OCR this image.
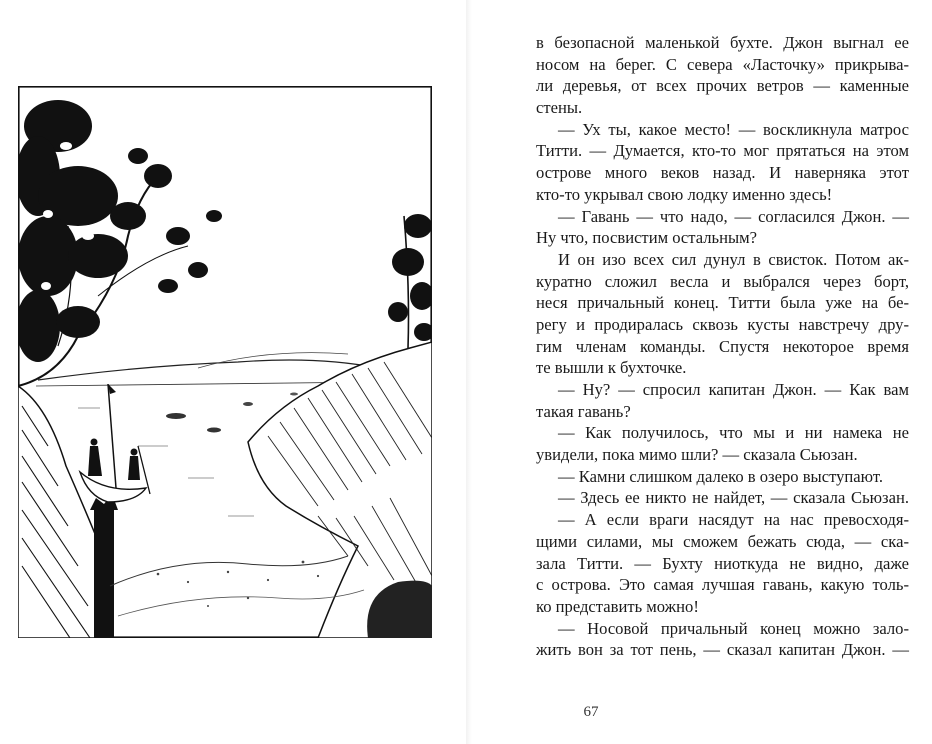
в безопасной маленькой бухте. Джон выгнал ее
носом на берег. С севера «Ласточку» прикрыва-
ли деревья, от всех прочих ветров — каменные
стены.
— Ух ты, какое место! — воскликнула матрос
Титти. — Думается, кто-то мог прятаться на этом
острове много веков назад. И наверняка этот
кто-то укрывал свою лодку именно здесь!
— Гавань — что надо, — согласился Джон. —
Ну что, посвистим остальным?
И он изо всех сил дунул в свисток. Потом ак-
куратно сложил весла и выбрался через борт,
неся причальный конец. Титти была уже на бе-
регу и продиралась сквозь кусты навстречу дру-
гим членам команды. Спустя некоторое время
те вышли к бухточке.
— Ну? — спросил капитан Джон. — Как вам
такая гавань?
— Как получилось, что мы и ни намека не
увидели, пока мимо шли? — сказала Сьюзан.
— Камни слишком далеко в озеро выступают.
— Здесь ее никто не найдет, — сказала Сьюзан.
— А если враги насядут на нас превосходя-
щими силами, мы сможем бежать сюда, — ска-
зала Титти. — Бухту ниоткуда не видно, даже
с острова. Это самая лучшая гавань, какую толь-
ко представить можно!
— Носовой причальный конец можно зало-
жить вон за тот пень, — сказал капитан Джон. —
67
